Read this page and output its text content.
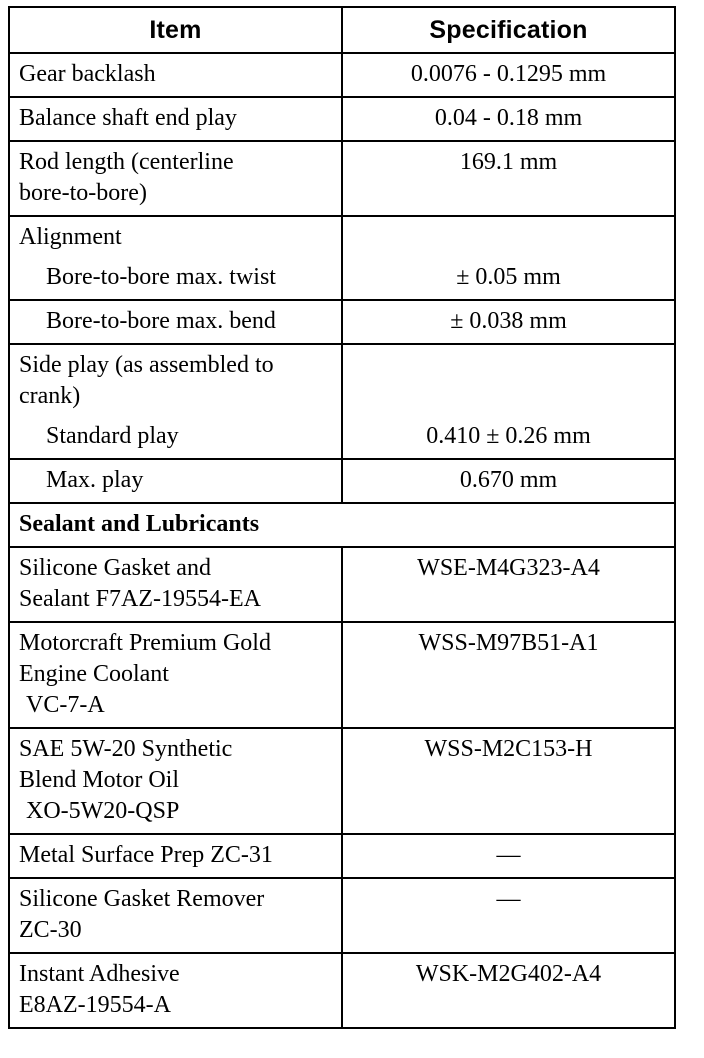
Item	Specification
Gear backlash	0.0076 - 0.1295 mm
Balance shaft end play	0.04 - 0.18 mm

Rod length (centerline
bore-to-bore)	169.1 mm
Alignment	
Bore-to-bore max. twist	± 0.05 mm
Bore-to-bore max. bend	± 0.038 mm

Side play (as assembled to
crank)	

Standard play	0.410 ± 0.26 mm
Max. play	0.670 mm
Sealant and Lubricants	

Silicone Gasket and
Sealant F7AZ-19554-EA	WSE-M4G323-A4

Motorcraft Premium Gold
Engine Coolant
VC-7-A	WSS-M97B51-A1

SAE 5W-20 Synthetic
Blend Motor Oil
XO-5W20-QSP	WSS-M2C153-H
Metal Surface Prep ZC-31	—

Silicone Gasket Remover
ZC-30	—

Instant Adhesive
E8AZ-19554-A	WSK-M2G402-A4
